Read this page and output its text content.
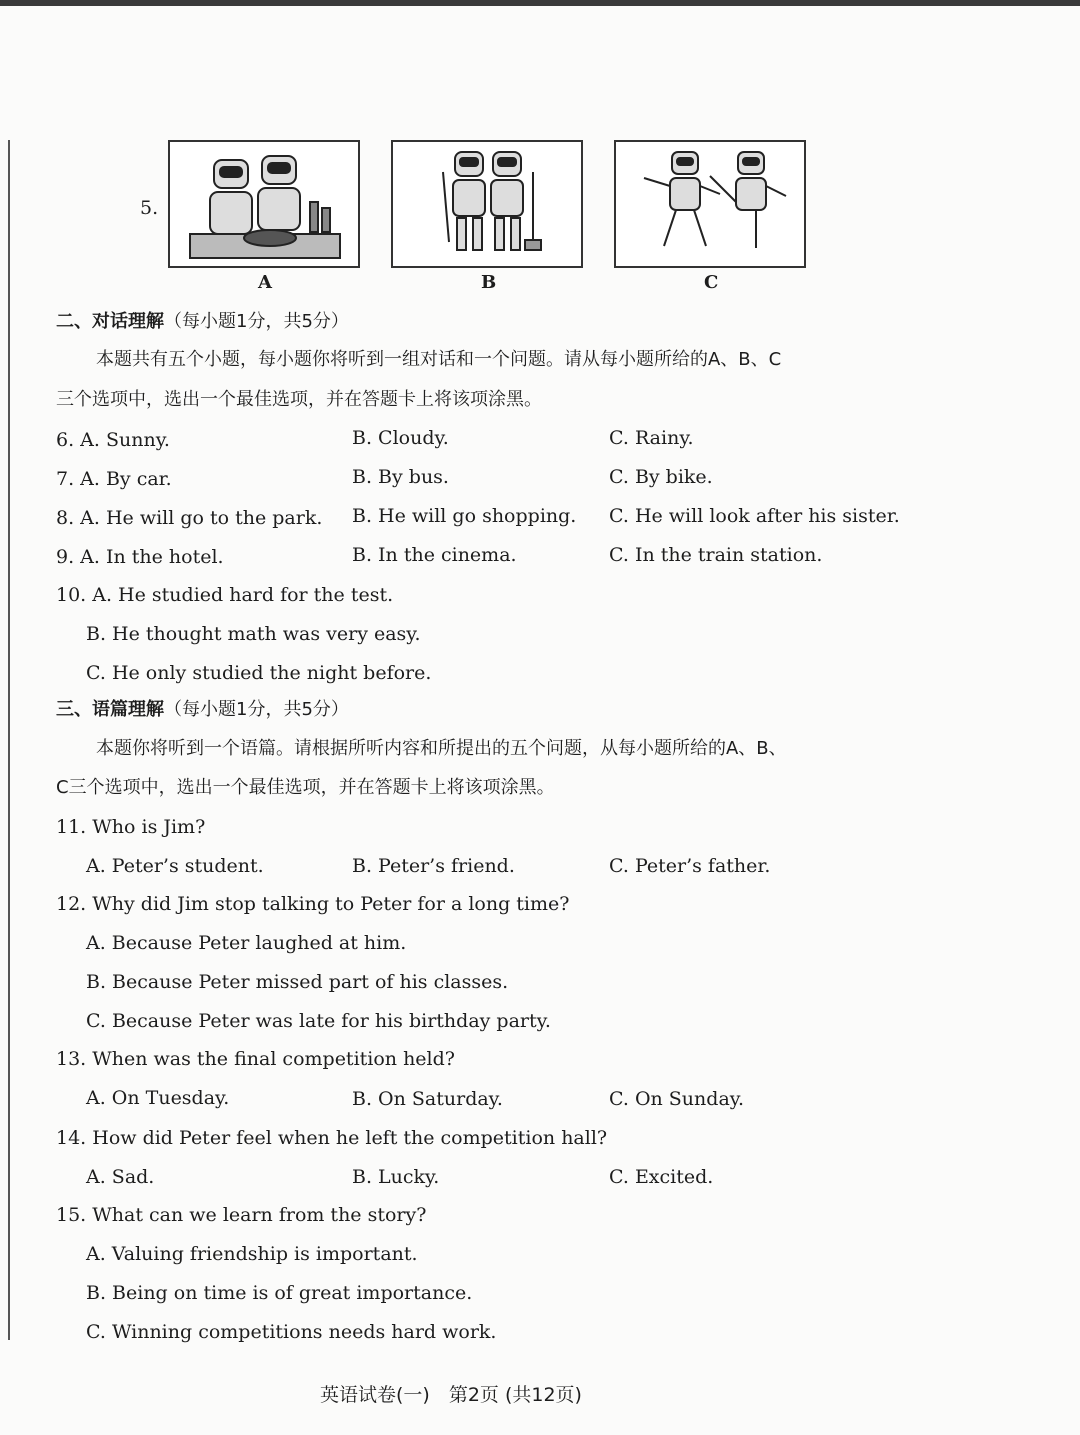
5.
A	B	C
二、对话理解（每小题1分，共5分）
本题共有五个小题，每小题你将听到一组对话和一个问题。请从每小题所给的A、B、C
三个选项中，选出一个最佳选项，并在答题卡上将该项涂黑。
6. A. Sunny.	B. Cloudy.	C. Rainy.
7. A. By car.	B. By bus.	C. By bike.
8. A. He will go to the park. B. He will go shopping. C. He will look after his sister.
9. A. In the hotel.	B. In the cinema.	C. In the train station.
10. A. He studied hard for the test.
B. He thought math was very easy.
C. He only studied the night before.
三、语篇理解（每小题1分，共5分）
本题你将听到一个语篇。请根据所听内容和所提出的五个问题，从每小题所给的A、B、
C三个选项中，选出一个最佳选项，并在答题卡上将该项涂黑。
11. Who is Jim?
A. Peter’s student.	B. Peter’s friend.	C. Peter’s father.
12. Why did Jim stop talking to Peter for a long time?
A. Because Peter laughed at him.
B. Because Peter missed part of his classes.
C. Because Peter was late for his birthday party.
13. When was the final competition held?
A. On Tuesday.	B. On Saturday.	C. On Sunday.
14. How did Peter feel when he left the competition hall?
A. Sad.	B. Lucky.	C. Excited.
15. What can we learn from the story?
A. Valuing friendship is important.
B. Being on time is of great importance.
C. Winning competitions needs hard work.
英语试卷(一)　第2页 (共12页)
